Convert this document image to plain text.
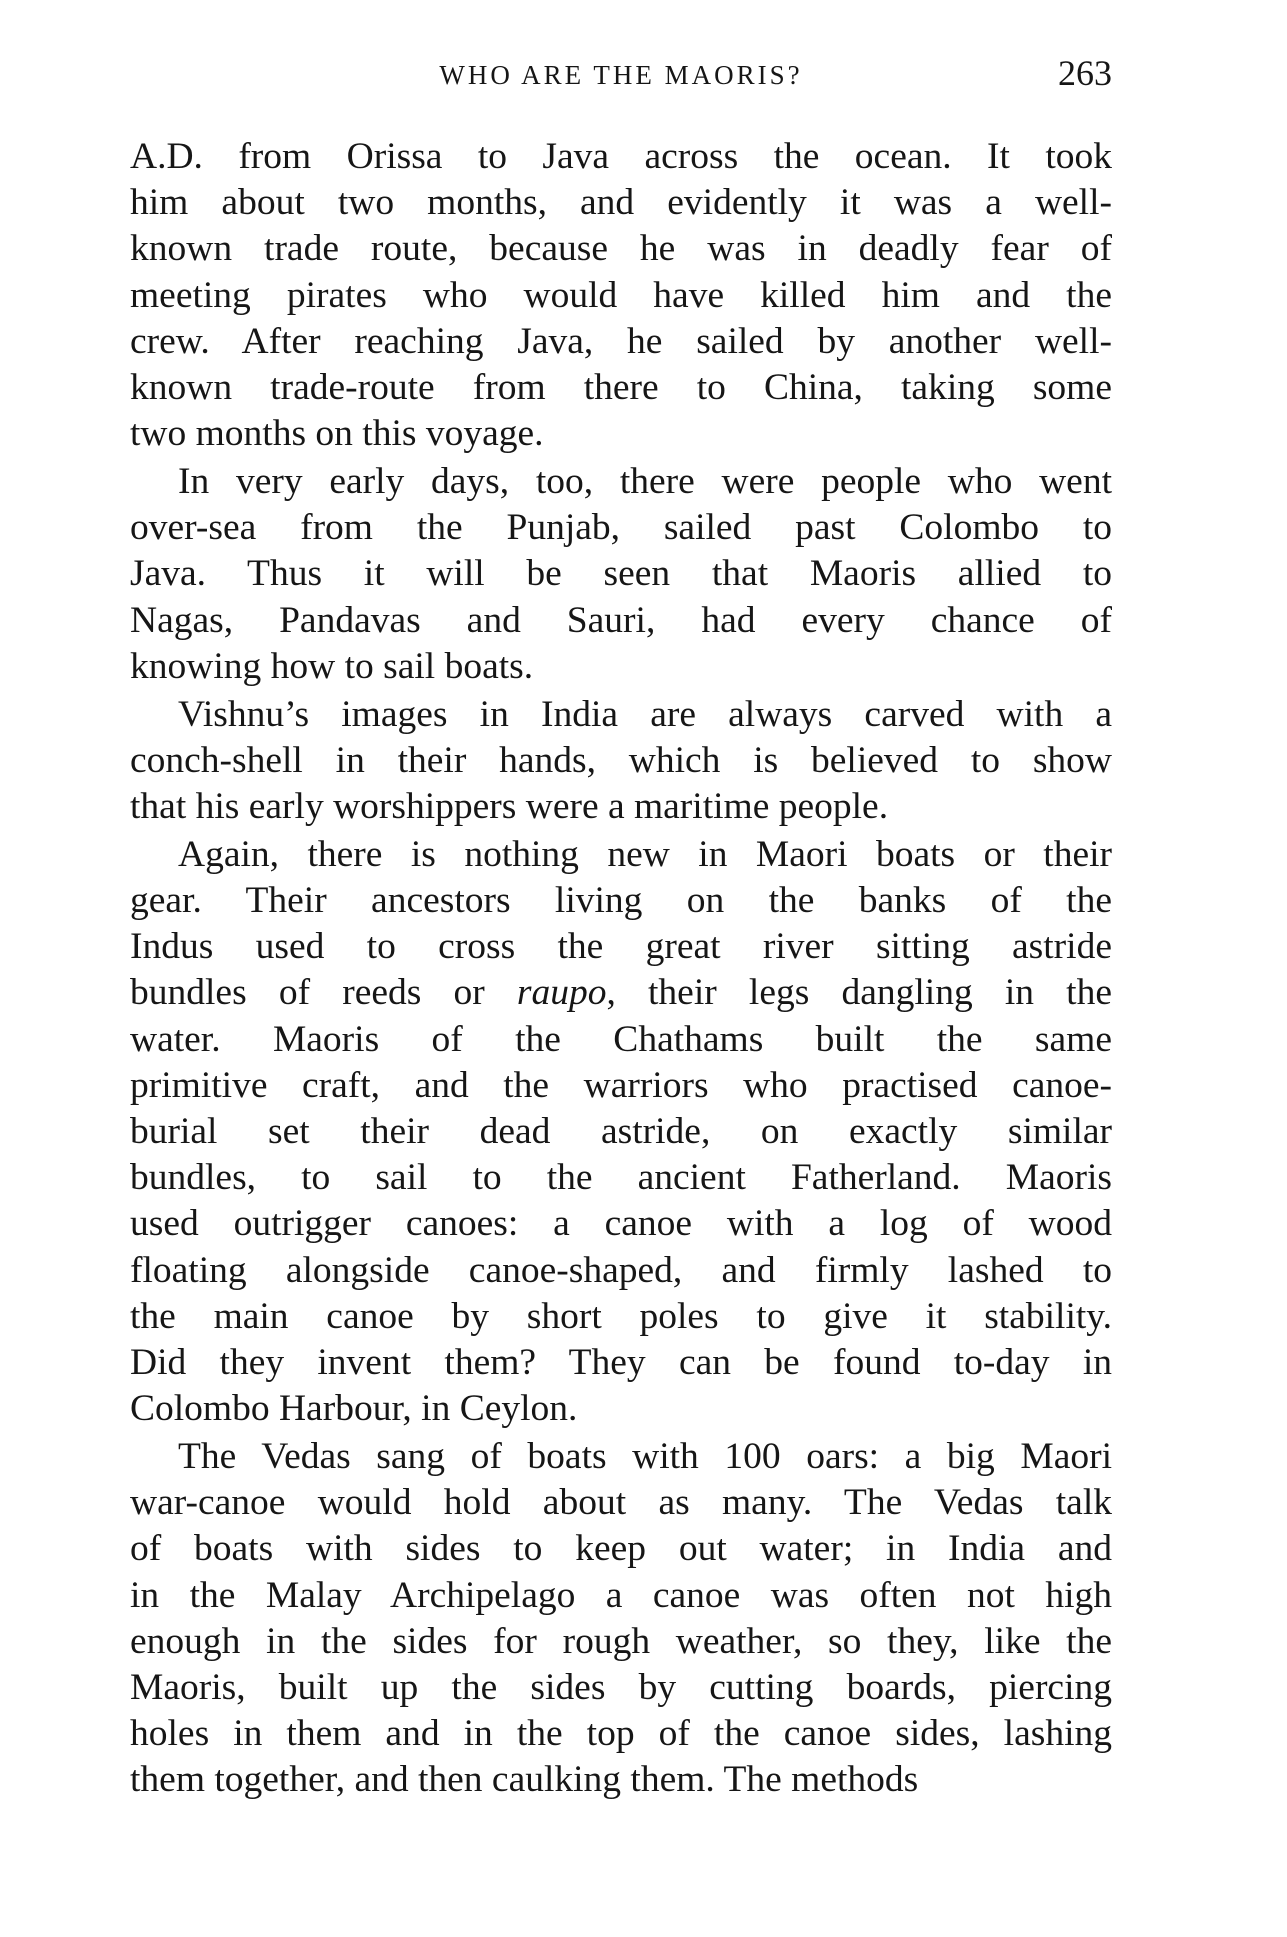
WHO ARE THE MAORIS?	263
A.D. from Orissa to Java across the ocean. It took
him about two months, and evidently it was a well-
known trade route, because he was in deadly fear of
meeting pirates who would have killed him and the
crew. After reaching Java, he sailed by another well-
known trade-route from there to China, taking some
two months on this voyage.
In very early days, too, there were people who went
over-sea from the Punjab, sailed past Colombo to
Java. Thus it will be seen that Maoris allied to
Nagas, Pandavas and Sauri, had every chance of
knowing how to sail boats.
Vishnu’s images in India are always carved with a
conch-shell in their hands, which is believed to show
that his early worshippers were a maritime people.
Again, there is nothing new in Maori boats or their
gear. Their ancestors living on the banks of the
Indus used to cross the great river sitting astride
bundles of reeds or raupo, their legs dangling in the
water. Maoris of the Chathams built the same
primitive craft, and the warriors who practised canoe-
burial set their dead astride, on exactly similar
bundles, to sail to the ancient Fatherland. Maoris
used outrigger canoes: a canoe with a log of wood
floating alongside canoe-shaped, and firmly lashed to
the main canoe by short poles to give it stability.
Did they invent them? They can be found to-day in
Colombo Harbour, in Ceylon.
The Vedas sang of boats with 100 oars: a big Maori
war-canoe would hold about as many. The Vedas talk
of boats with sides to keep out water; in India and
in the Malay Archipelago a canoe was often not high
enough in the sides for rough weather, so they, like the
Maoris, built up the sides by cutting boards, piercing
holes in them and in the top of the canoe sides, lashing
them together, and then caulking them. The methods
